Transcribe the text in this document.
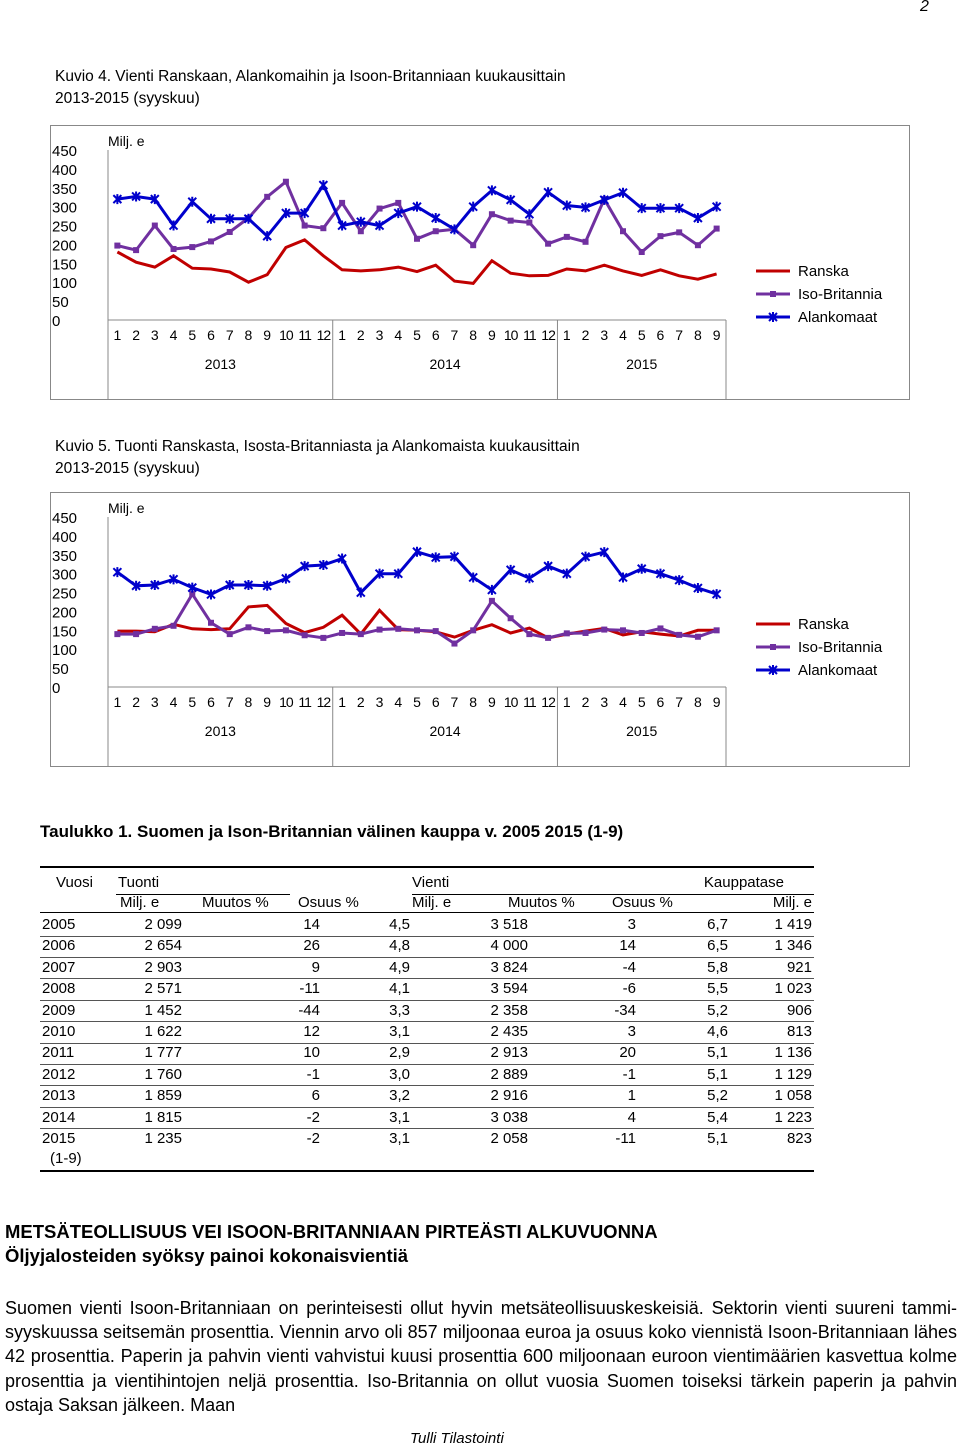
2
Kuvio 4. Vienti Ranskaan, Alankomaihin ja Isoon-Britanniaan kuukausittain
2013-2015 (syyskuu)
0
50
100
150
200
250
300
350
400
450
Milj. e
1 2 3 4 5 6 7 8 9 10 11 12 1 2 3 4 5 6 7 8 9 10 11 12 1 2 3 4 5 6 7 8 9
2013	2014	2015
Ranska
Iso-Britannia
Alankomaat
Kuvio 5. Tuonti Ranskasta, Isosta-Britanniasta ja Alankomaista kuukausittain
2013-2015 (syyskuu)
0
50
100
150
200
250
300
350
400
450
Milj. e
1 2 3 4 5 6 7 8 9 10 11 12 1 2 3 4 5 6 7 8 9 10 11 12 1 2 3 4 5 6 7 8 9
2013	2014	2015
Ranska
Iso-Britannia
Alankomaat
Taulukko 1. Suomen ja Ison-Britannian välinen kauppa v. 2005 2015 (1-9)
Vuosi Tuonti	Vienti	Kauppatase
Milj. e	Muutos % Osuus %	Milj. e	Muutos % Osuus %	Milj. e
2005	2 099	14	4,5	3 518	3	6,7	1 419
2006	2 654	26	4,8	4 000	14	6,5	1 346
2007	2 903	9	4,9	3 824	-4	5,8	921
2008	2 571	-11	4,1	3 594	-6	5,5	1 023
2009	1 452	-44	3,3	2 358	-34	5,2	906
2010	1 622	12	3,1	2 435	3	4,6	813
2011	1 777	10	2,9	2 913	20	5,1	1 136
2012	1 760	-1	3,0	2 889	-1	5,1	1 129
2013	1 859	6	3,2	2 916	1	5,2	1 058
2014	1 815	-2	3,1	3 038	4	5,4	1 223
2015	1 235	-2	3,1	2 058	-11	5,1	823
(1-9)
METSÄTEOLLISUUS VEI ISOON-BRITANNIAAN PIRTEÄSTI ALKUVUONNA
Öljyjalosteiden syöksy painoi kokonaisvientiä
Suomen vienti Isoon-Britanniaan on perinteisesti ollut hyvin metsäteollisuuskeskeisiä. Sektorin vienti suureni tammi-syyskuussa seitsemän prosenttia. Viennin arvo oli 857 miljoonaa euroa ja osuus koko viennistä Isoon-Britanniaan lähes 42 prosenttia. Paperin ja pahvin vienti vahvistui kuusi prosenttia 600 miljoonaan euroon vientimäärien kasvettua kolme prosenttia ja vientihintojen neljä prosenttia. Iso-Britannia on ollut vuosia Suomen toiseksi tärkein paperin ja pahvin ostaja Saksan jälkeen. Maan
Tulli Tilastointi
